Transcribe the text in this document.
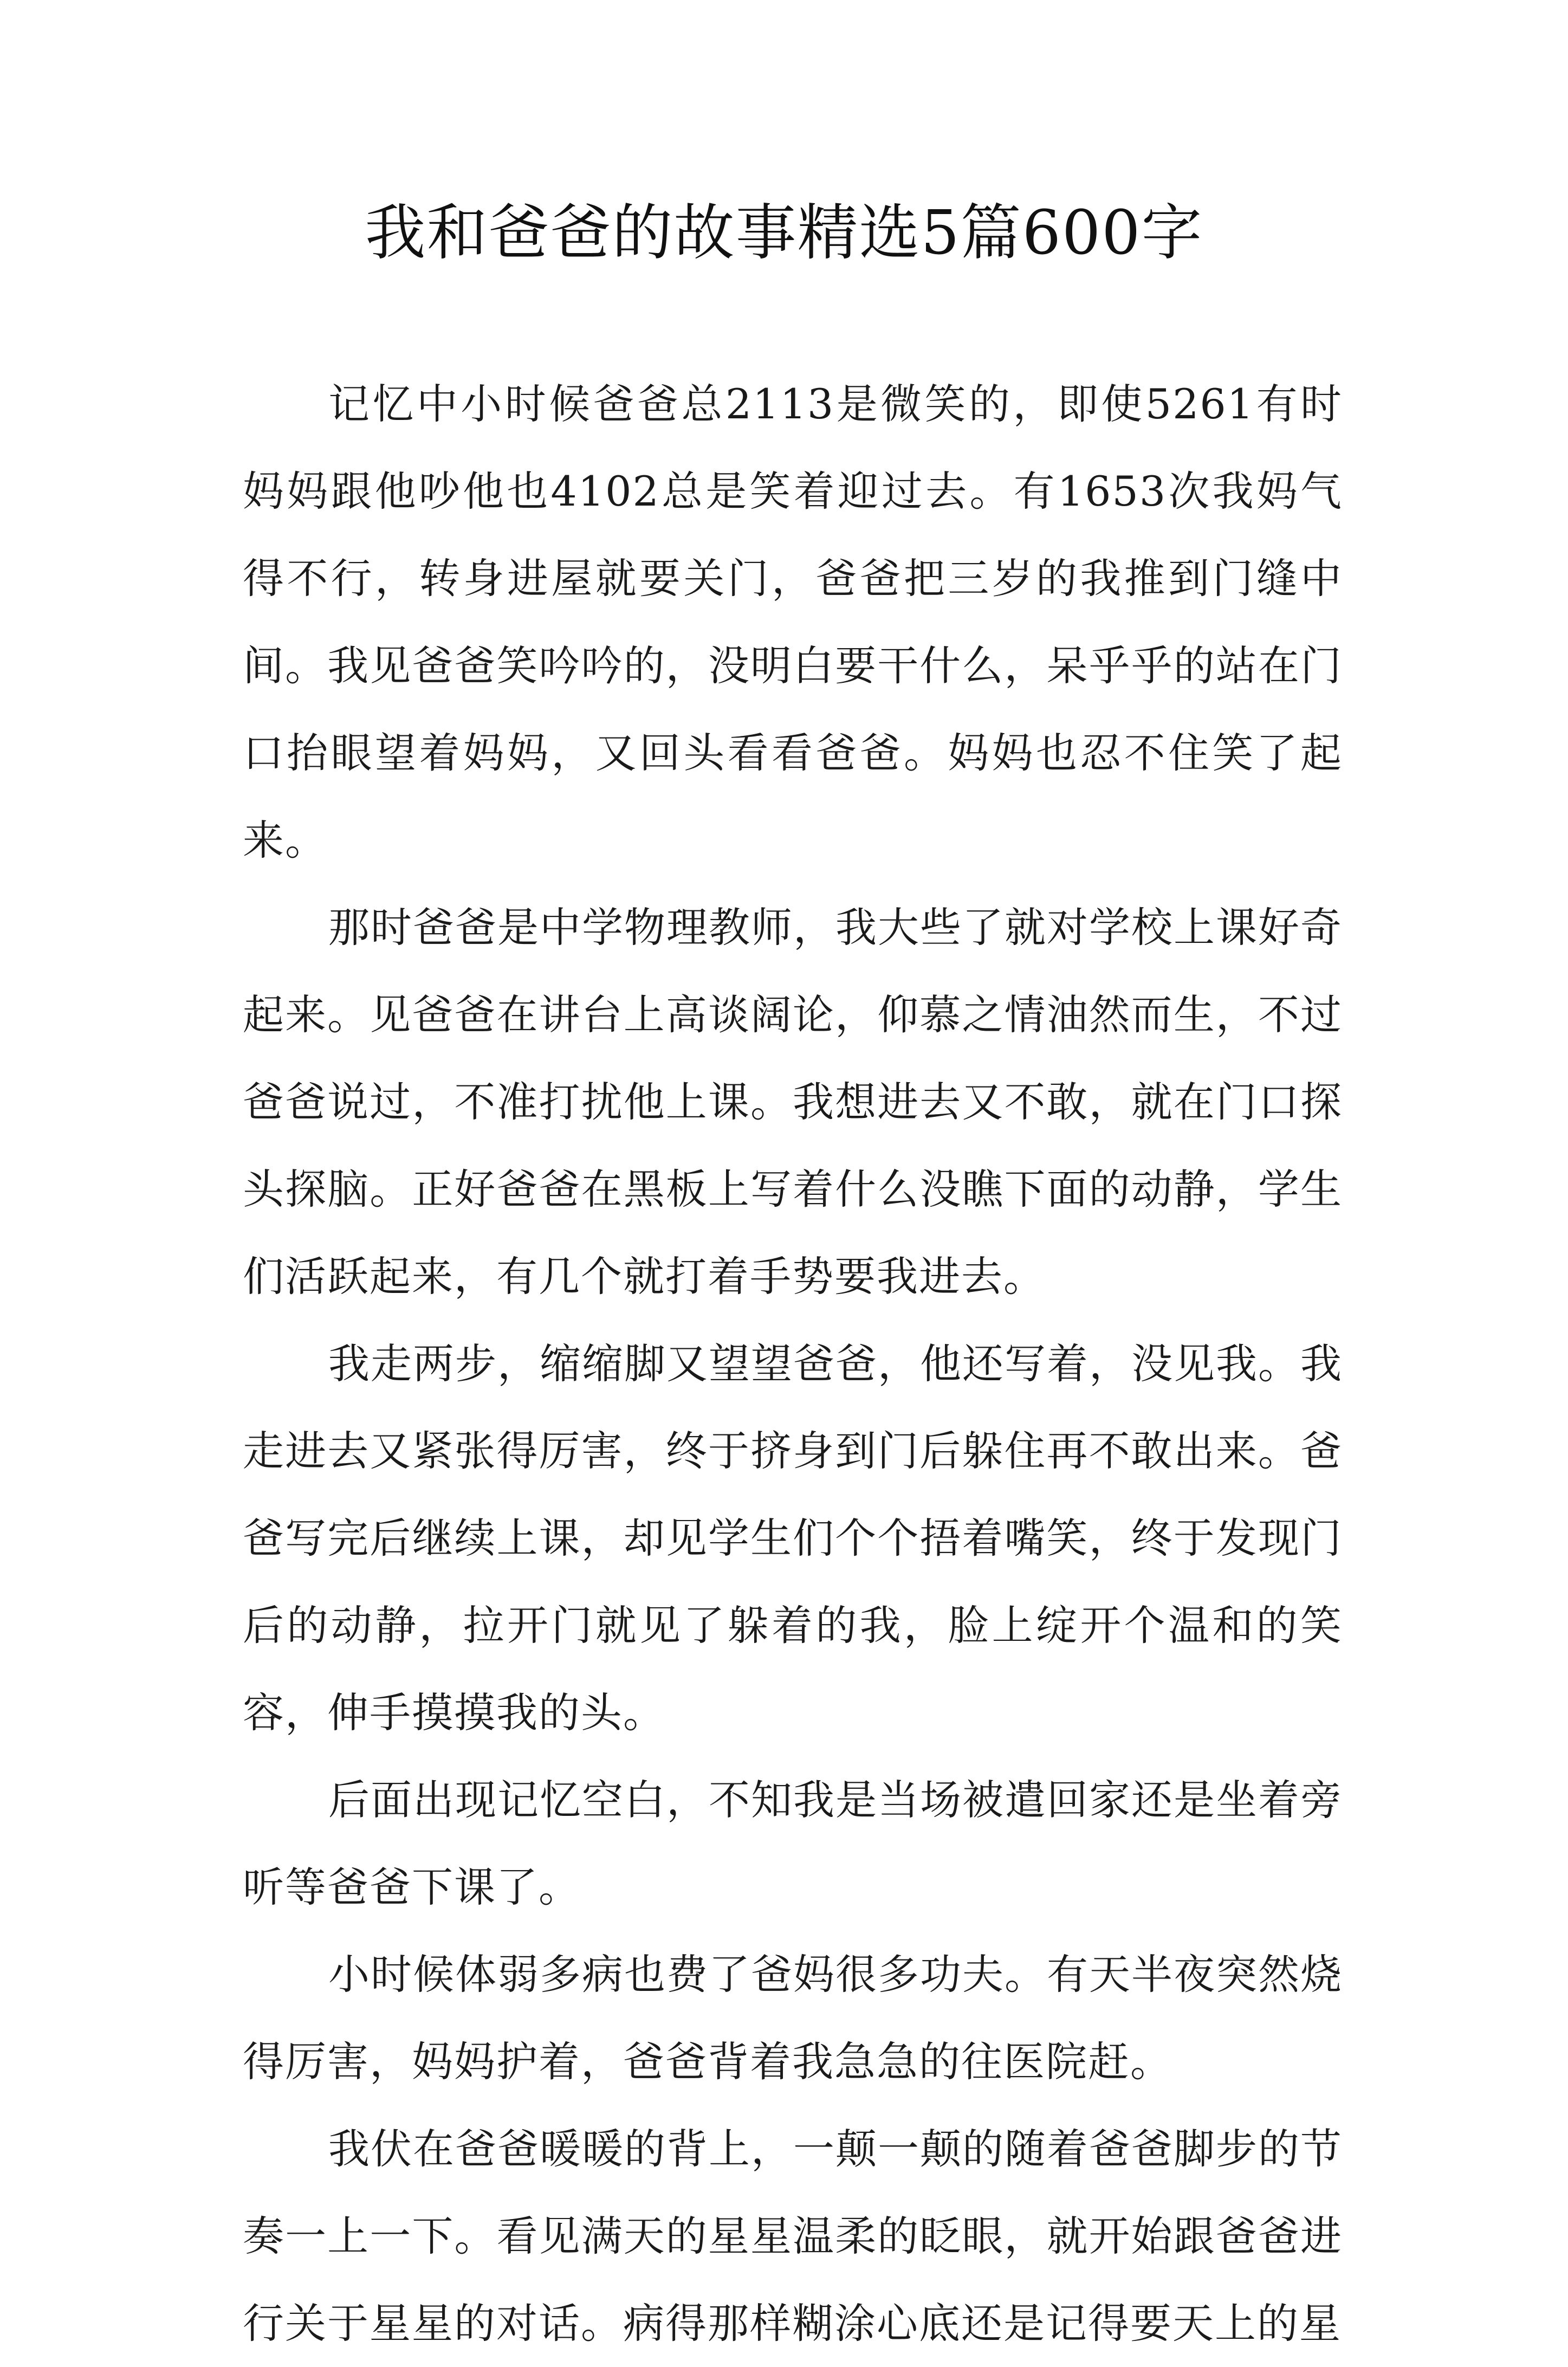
我和爸爸的故事精选5篇600字

记忆中小时候爸爸总2113是微笑的，即使5261有时妈妈跟他吵他也4102总是笑着迎过去。有1653次我妈气得不行，转身进屋就要关门，爸爸把三岁的我推到门缝中间。我见爸爸笑吟吟的，没明白要干什么，呆乎乎的站在门口抬眼望着妈妈，又回头看看爸爸。妈妈也忍不住笑了起来。

那时爸爸是中学物理教师，我大些了就对学校上课好奇起来。见爸爸在讲台上高谈阔论，仰慕之情油然而生，不过爸爸说过，不准打扰他上课。我想进去又不敢，就在门口探头探脑。正好爸爸在黑板上写着什么没瞧下面的动静，学生们活跃起来，有几个就打着手势要我进去。

我走两步，缩缩脚又望望爸爸，他还写着，没见我。我走进去又紧张得厉害，终于挤身到门后躲住再不敢出来。爸爸写完后继续上课，却见学生们个个捂着嘴笑，终于发现门后的动静，拉开门就见了躲着的我，脸上绽开个温和的笑容，伸手摸摸我的头。

后面出现记忆空白，不知我是当场被遣回家还是坐着旁听等爸爸下课了。

小时候体弱多病也费了爸妈很多功夫。有天半夜突然烧得厉害，妈妈护着，爸爸背着我急急的往医院赶。

我伏在爸爸暖暖的背上，一颠一颠的随着爸爸脚步的节奏一上一下。看见满天的星星温柔的眨眼，就开始跟爸爸进行关于星星的对话。病得那样糊涂心底还是记得要天上的星
